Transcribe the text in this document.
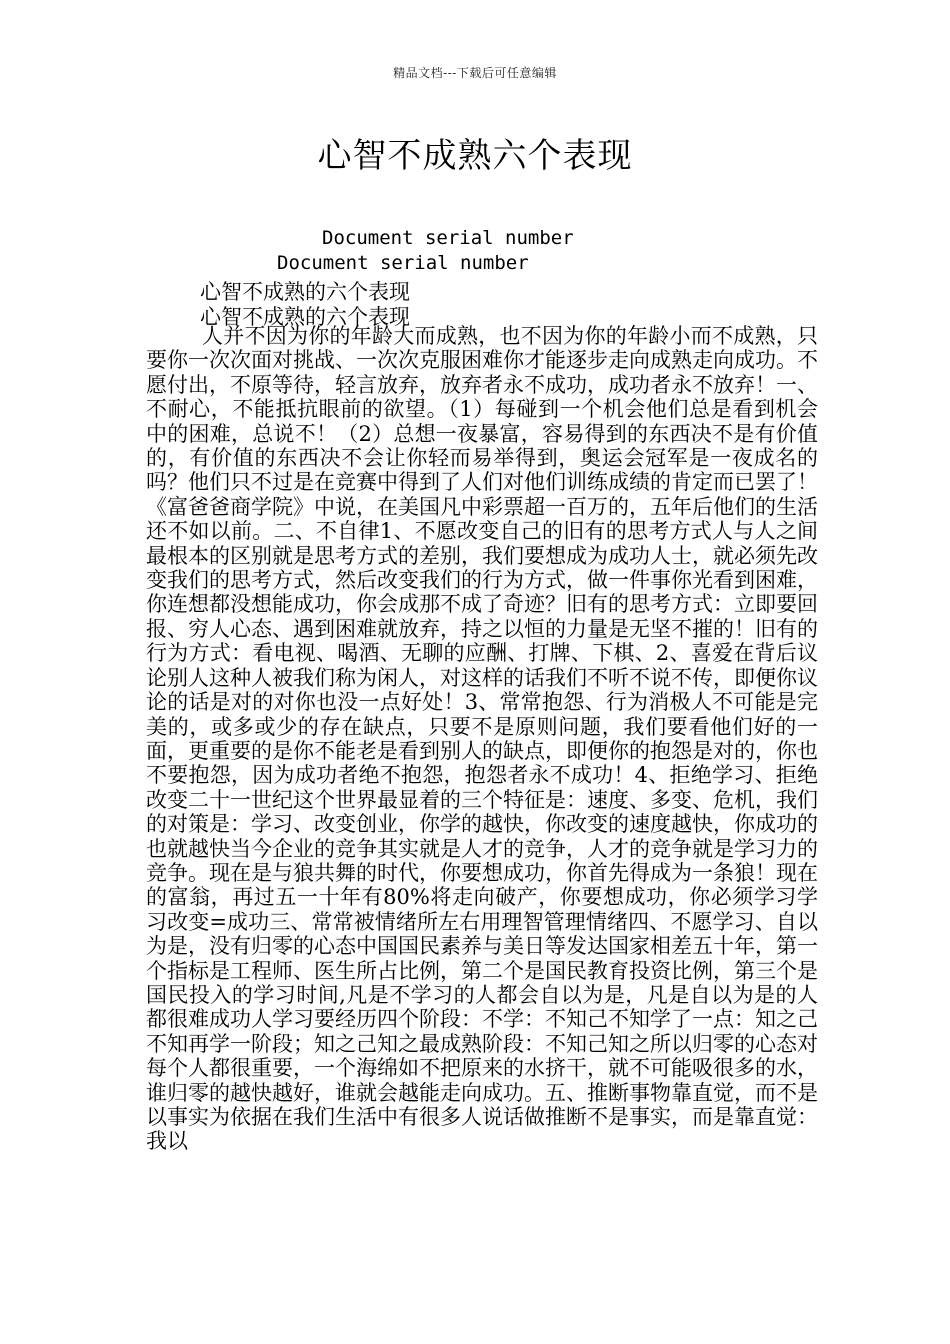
精品文档---下载后可任意编辑
心智不成熟六个表现
Document serial number
Document serial number
心智不成熟的六个表现
心智不成熟的六个表现

人并不因为你的年龄大而成熟，也不因为你的年龄小而不成熟，只要你一次次面对挑战、一次次克服困难你才能逐步走向成熟走向成功。不愿付出，不原等待，轻言放弃，放弃者永不成功，成功者永不放弃！一、不耐心，不能抵抗眼前的欲望。（1）每碰到一个机会他们总是看到机会中的困难，总说不！（2）总想一夜暴富，容易得到的东西决不是有价值的，有价值的东西决不会让你轻而易举得到，奥运会冠军是一夜成名的吗？他们只不过是在竞赛中得到了人们对他们训练成绩的肯定而已罢了！《富爸爸商学院》中说，在美国凡中彩票超一百万的，五年后他们的生活还不如以前。二、不自律1、不愿改变自己的旧有的思考方式人与人之间最根本的区别就是思考方式的差别，我们要想成为成功人士，就必须先改变我们的思考方式，然后改变我们的行为方式，做一件事你光看到困难，你连想都没想能成功，你会成那不成了奇迹？旧有的思考方式：立即要回报、穷人心态、遇到困难就放弃，持之以恒的力量是无坚不摧的！旧有的行为方式：看电视、喝酒、无聊的应酬、打牌、下棋、2、喜爱在背后议论别人这种人被我们称为闲人，对这样的话我们不听不说不传，即便你议论的话是对的对你也没一点好处！3、常常抱怨、行为消极人不可能是完美的，或多或少的存在缺点，只要不是原则问题，我们要看他们好的一面，更重要的是你不能老是看到别人的缺点，即便你的抱怨是对的，你也不要抱怨，因为成功者绝不抱怨，抱怨者永不成功！4、拒绝学习、拒绝改变二十一世纪这个世界最显着的三个特征是：速度、多变、危机，我们的对策是：学习、改变创业，你学的越快，你改变的速度越快，你成功的也就越快当今企业的竞争其实就是人才的竞争，人才的竞争就是学习力的竞争。现在是与狼共舞的时代，你要想成功，你首先得成为一条狼！现在的富翁，再过五一十年有80%将走向破产，你要想成功，你必须学习学习改变=成功三、常常被情绪所左右用理智管理情绪四、不愿学习、自以为是，没有归零的心态中国国民素养与美日等发达国家相差五十年，第一个指标是工程师、医生所占比例，第二个是国民教育投资比例，第三个是国民投入的学习时间,凡是不学习的人都会自以为是，凡是自以为是的人都很难成功人学习要经历四个阶段：不学：不知己不知学了一点：知之己不知再学一阶段；知之己知之最成熟阶段：不知己知之所以归零的心态对每个人都很重要，一个海绵如不把原来的水挤干，就不可能吸很多的水，谁归零的越快越好，谁就会越能走向成功。五、推断事物靠直觉，而不是以事实为依据在我们生活中有很多人说话做推断不是事实，而是靠直觉：我以
